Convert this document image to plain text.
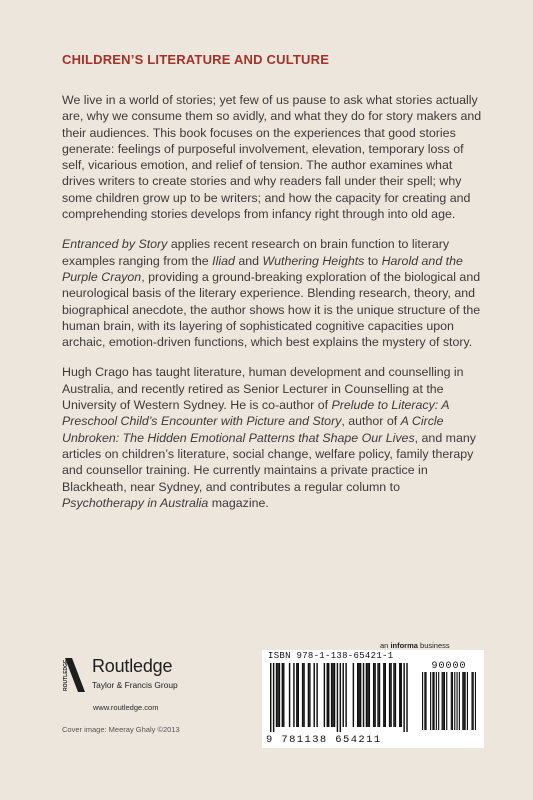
CHILDREN’S LITERATURE AND CULTURE

We live in a world of stories; yet few of us pause to ask what stories actually are, why we consume them so avidly, and what they do for story makers and their audiences. This book focuses on the experiences that good stories generate: feelings of purposeful involvement, elevation, temporary loss of self, vicarious emotion, and relief of tension. The author examines what drives writers to create stories and why readers fall under their spell; why some children grow up to be writers; and how the capacity for creating and comprehending stories develops from infancy right through into old age.

Entranced by Story applies recent research on brain function to literary examples ranging from the Iliad and Wuthering Heights to Harold and the Purple Crayon, providing a ground-breaking exploration of the biological and neurological basis of the literary experience. Blending research, theory, and biographical anecdote, the author shows how it is the unique structure of the human brain, with its layering of sophisticated cognitive capacities upon archaic, emotion-driven functions, which best explains the mystery of story.

Hugh Crago has taught literature, human development and counselling in Australia, and recently retired as Senior Lecturer in Counselling at the University of Western Sydney. He is co-author of Prelude to Literacy: A Preschool Child’s Encounter with Picture and Story, author of A Circle Unbroken: The Hidden Emotional Patterns that Shape Our Lives, and many articles on children’s literature, social change, welfare policy, family therapy and counsellor training. He currently maintains a private practice in Blackheath, near Sydney, and contributes a regular column to Psychotherapy in Australia magazine.

an informa business
ROUTLEDGE Routledge
Taylor & Francis Group
www.routledge.com
Cover image: Meeray Ghaly ©2013
ISBN 978-1-138-65421-1
90000
9 781138 654211
